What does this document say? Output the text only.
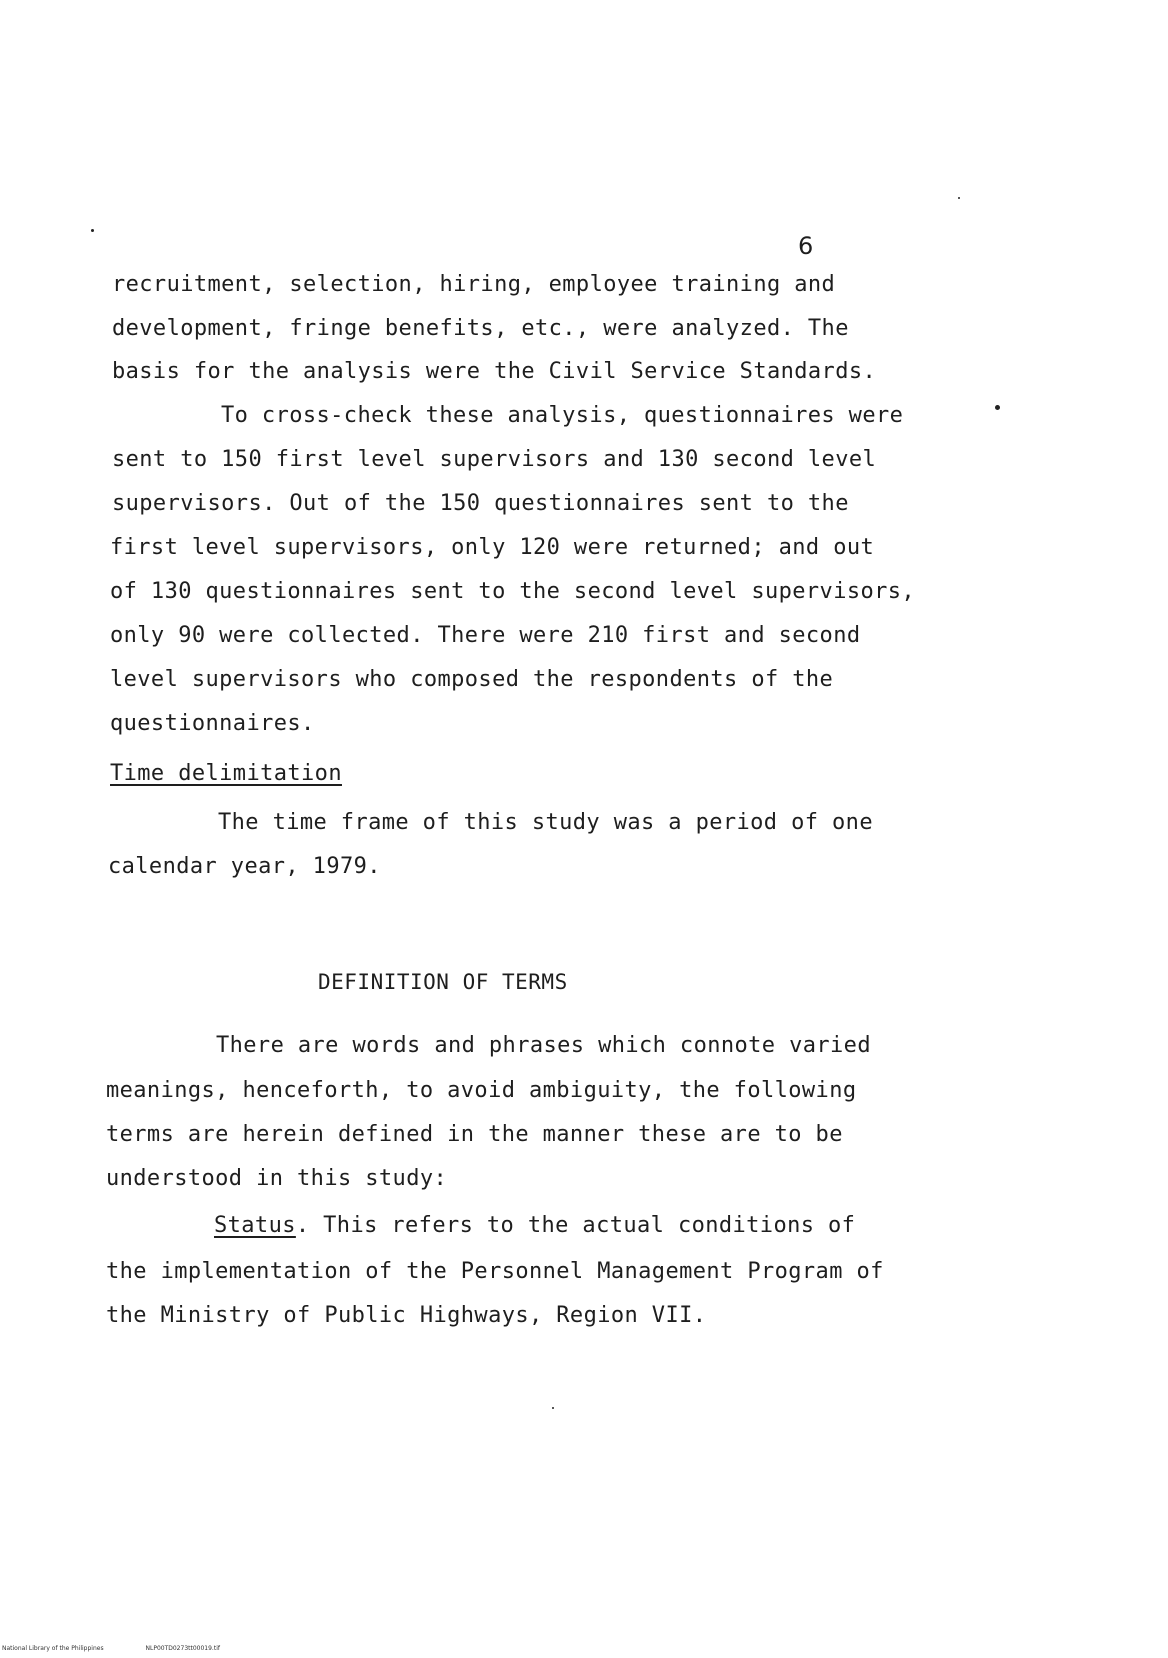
6
recruitment, selection, hiring, employee training and
development, fringe benefits, etc., were analyzed. The
basis for the analysis were the Civil Service Standards.
To cross-check these analysis, questionnaires were
sent to 150 first level supervisors and 130 second level
supervisors. Out of the 150 questionnaires sent to the
first level supervisors, only 120 were returned; and out
of 130 questionnaires sent to the second level supervisors,
only 90 were collected. There were 210 first and second
level supervisors who composed the respondents of the
questionnaires.
Time delimitation
The time frame of this study was a period of one
calendar year, 1979.
DEFINITION OF TERMS
There are words and phrases which connote varied
meanings, henceforth, to avoid ambiguity, the following
terms are herein defined in the manner these are to be
understood in this study:
Status. This refers to the actual conditions of
the implementation of the Personnel Management Program of
the Ministry of Public Highways, Region VII.
National Library of the Philippines	NLP00TD0273tt00019.tif
